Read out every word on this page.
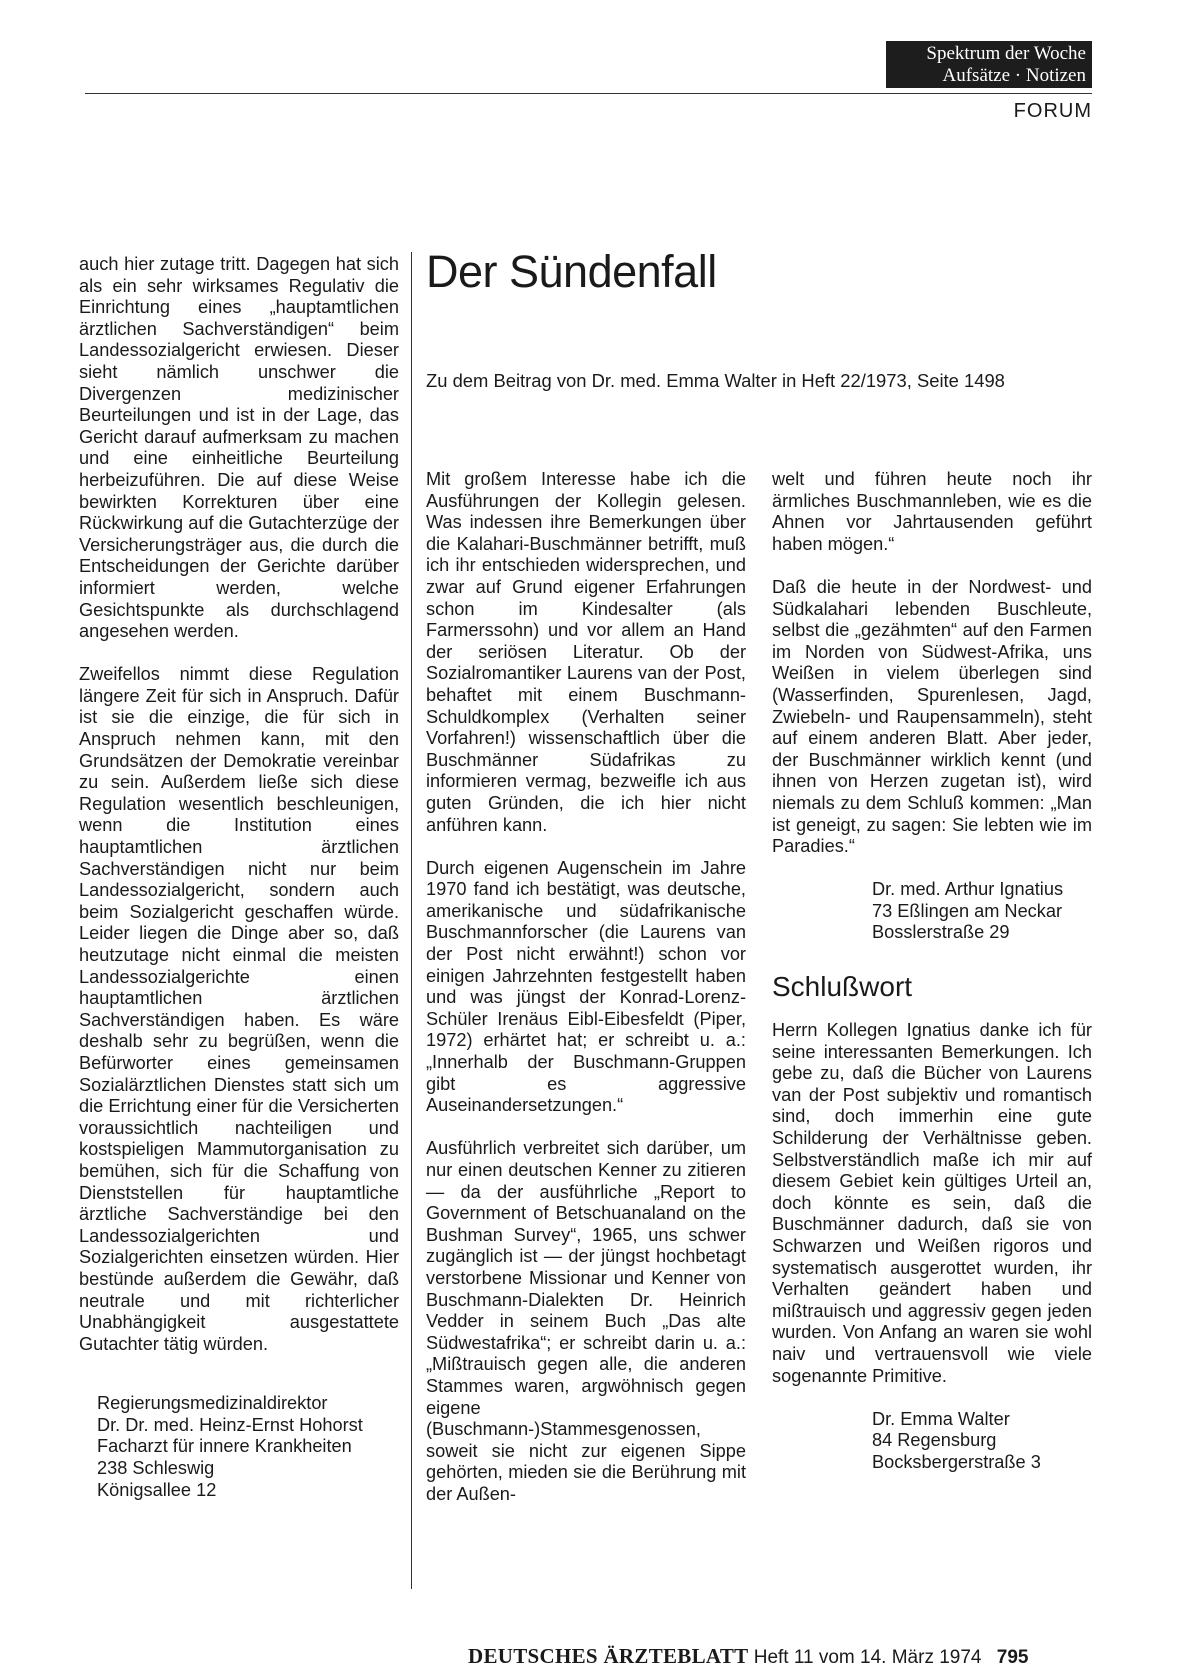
Spektrum der Woche
Aufsätze · Notizen
FORUM
Der Sündenfall
Zu dem Beitrag von Dr. med. Emma Walter in Heft 22/1973, Seite 1498

auch hier zutage tritt. Dagegen hat sich als ein sehr wirksames Regulativ die Einrichtung eines „hauptamtlichen ärztlichen Sachverständigen“ beim Landessozialgericht erwiesen. Dieser sieht nämlich unschwer die Divergenzen medizinischer Beurteilungen und ist in der Lage, das Gericht darauf aufmerksam zu machen und eine einheitliche Beurteilung herbeizuführen. Die auf diese Weise bewirkten Korrekturen über eine Rückwirkung auf die Gutachterzüge der Versicherungsträger aus, die durch die Entscheidungen der Gerichte darüber informiert werden, welche Gesichtspunkte als durchschlagend angesehen werden.

Zweifellos nimmt diese Regulation längere Zeit für sich in Anspruch. Dafür ist sie die einzige, die für sich in Anspruch nehmen kann, mit den Grundsätzen der Demokratie vereinbar zu sein. Außerdem ließe sich diese Regulation wesentlich beschleunigen, wenn die Institution eines hauptamtlichen ärztlichen Sachverständigen nicht nur beim Landessozialgericht, sondern auch beim Sozialgericht geschaffen würde. Leider liegen die Dinge aber so, daß heutzutage nicht einmal die meisten Landessozialgerichte einen hauptamtlichen ärztlichen Sachverständigen haben. Es wäre deshalb sehr zu begrüßen, wenn die Befürworter eines gemeinsamen Sozialärztlichen Dienstes statt sich um die Errichtung einer für die Versicherten voraussichtlich nachteiligen und kostspieligen Mammutorganisation zu bemühen, sich für die Schaffung von Dienststellen für hauptamtliche ärztliche Sachverständige bei den Landessozialgerichten und Sozialgerichten einsetzen würden. Hier bestünde außerdem die Gewähr, daß neutrale und mit richterlicher Unabhängigkeit ausgestattete Gutachter tätig würden.

Regierungsmedizinaldirektor
Dr. Dr. med. Heinz-Ernst Hohorst
Facharzt für innere Krankheiten
238 Schleswig
Königsallee 12

Mit großem Interesse habe ich die Ausführungen der Kollegin gelesen. Was indessen ihre Bemerkungen über die Kalahari-Buschmänner betrifft, muß ich ihr entschieden widersprechen, und zwar auf Grund eigener Erfahrungen schon im Kindesalter (als Farmerssohn) und vor allem an Hand der seriösen Literatur. Ob der Sozialromantiker Laurens van der Post, behaftet mit einem Buschmann-Schuldkomplex (Verhalten seiner Vorfahren!) wissenschaftlich über die Buschmänner Südafrikas zu informieren vermag, bezweifle ich aus guten Gründen, die ich hier nicht anführen kann.

Durch eigenen Augenschein im Jahre 1970 fand ich bestätigt, was deutsche, amerikanische und südafrikanische Buschmannforscher (die Laurens van der Post nicht erwähnt!) schon vor einigen Jahrzehnten festgestellt haben und was jüngst der Konrad-Lorenz-Schüler Irenäus Eibl-Eibesfeldt (Piper, 1972) erhärtet hat; er schreibt u. a.: „Innerhalb der Buschmann-Gruppen gibt es aggressive Auseinandersetzungen.“

Ausführlich verbreitet sich darüber, um nur einen deutschen Kenner zu zitieren — da der ausführliche „Report to Government of Betschuanaland on the Bushman Survey“, 1965, uns schwer zugänglich ist — der jüngst hochbetagt verstorbene Missionar und Kenner von Buschmann-Dialekten Dr. Heinrich Vedder in seinem Buch „Das alte Südwestafrika“; er schreibt darin u. a.: „Mißtrauisch gegen alle, die anderen Stammes waren, argwöhnisch gegen eigene (Buschmann-)Stammesgenossen, soweit sie nicht zur eigenen Sippe gehörten, mieden sie die Berührung mit der Außen-

welt und führen heute noch ihr ärmliches Buschmannleben, wie es die Ahnen vor Jahrtausenden geführt haben mögen.“

Daß die heute in der Nordwest- und Südkalahari lebenden Buschleute, selbst die „gezähmten“ auf den Farmen im Norden von Südwest-Afrika, uns Weißen in vielem überlegen sind (Wasserfinden, Spurenlesen, Jagd, Zwiebeln- und Raupensammeln), steht auf einem anderen Blatt. Aber jeder, der Buschmänner wirklich kennt (und ihnen von Herzen zugetan ist), wird niemals zu dem Schluß kommen: „Man ist geneigt, zu sagen: Sie lebten wie im Paradies.“

Dr. med. Arthur Ignatius
73 Eßlingen am Neckar
Bosslerstraße 29
Schlußwort

Herrn Kollegen Ignatius danke ich für seine interessanten Bemerkungen. Ich gebe zu, daß die Bücher von Laurens van der Post subjektiv und romantisch sind, doch immerhin eine gute Schilderung der Verhältnisse geben. Selbstverständlich maße ich mir auf diesem Gebiet kein gültiges Urteil an, doch könnte es sein, daß die Buschmänner dadurch, daß sie von Schwarzen und Weißen rigoros und systematisch ausgerottet wurden, ihr Verhalten geändert haben und mißtrauisch und aggressiv gegen jeden wurden. Von Anfang an waren sie wohl naiv und vertrauensvoll wie viele sogenannte Primitive.

Dr. Emma Walter
84 Regensburg
Bocksbergerstraße 3
DEUTSCHES ÄRZTEBLATT Heft 11 vom 14. März 1974 795
